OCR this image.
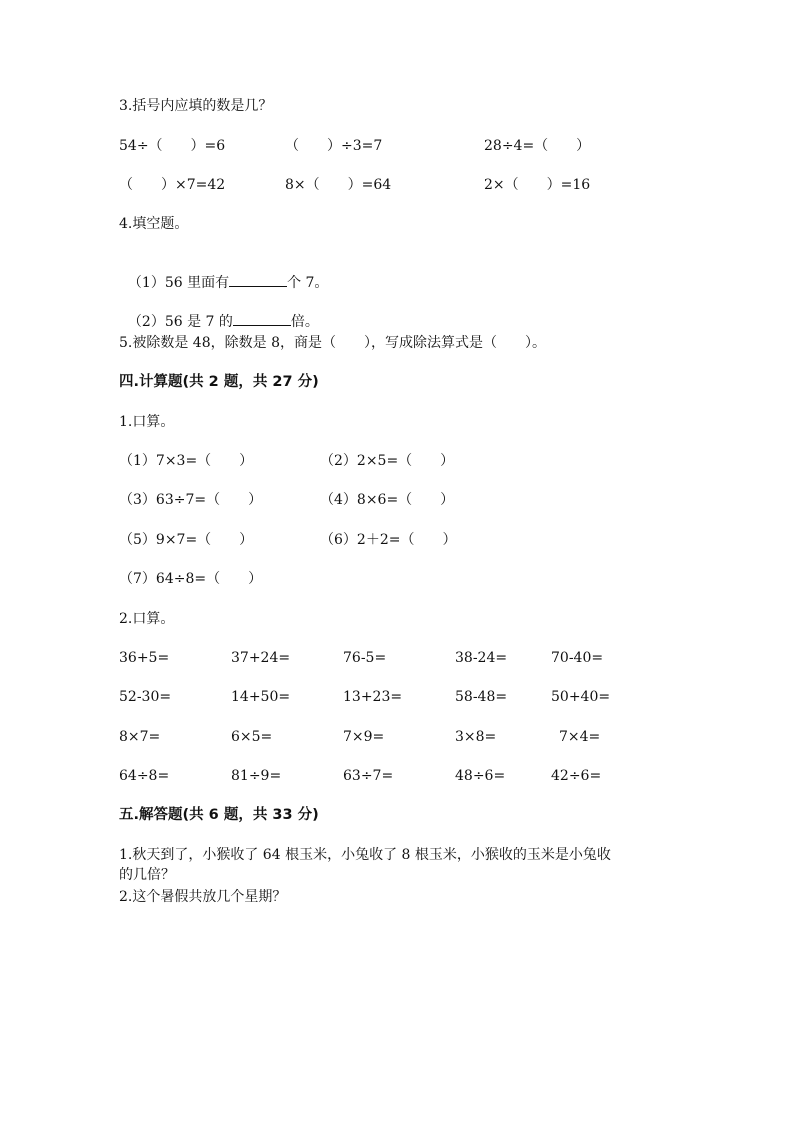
3.括号内应填的数是几？
54÷（　　）=6	（　　）÷3=7	28÷4=（　　）
（　　）×7=42	8×（　　）=64	2×（　　）=16
4.填空题。

（1）56 里面有	个 7。

（2）56 是 7 的	倍。

5.被除数是 48，除数是 8，商是（　　），写成除法算式是（　　）。
四.计算题(共 2 题，共 27 分)
1.口算。
（1）7×3=（　　）	（2）2×5=（　　）
（3）63÷7=（　　）	（4）8×6=（　　）
（5）9×7=（　　）	（6）2＋2=（　　）
（7）64÷8=（　　）
2.口算。
36+5=	37+24=	76-5=	38-24=	70-40=
52-30=	14+50=	13+23=	58-48=	50+40=
8×7=	6×5=	7×9=	3×8=	7×4=
64÷8=	81÷9=	63÷7=	48÷6=	42÷6=
五.解答题(共 6 题，共 33 分)
1.秋天到了，小猴收了 64 根玉米，小兔收了 8 根玉米，小猴收的玉米是小兔收
的几倍？
2.这个暑假共放几个星期？
